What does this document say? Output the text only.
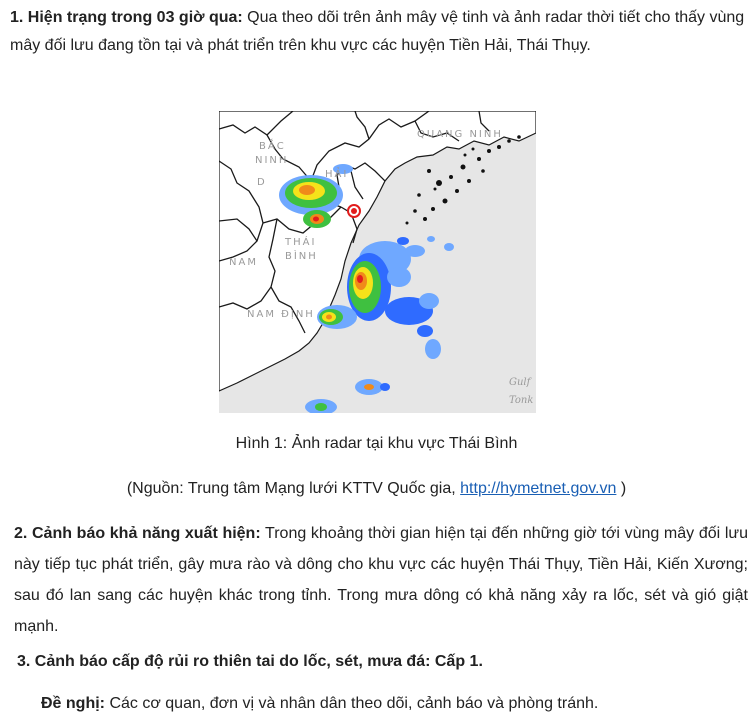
1. Hiện trạng trong 03 giờ qua: Qua theo dõi trên ảnh mây vệ tinh và ảnh radar thời tiết cho thấy vùng mây đối lưu đang tồn tại và phát triển trên khu vực các huyện Tiền Hải, Thái Thụy.

BẮC
NINH
QUANG NINH
THÁI
BÌNH
NAM
NAM ĐỊNH
D
HẢI
Gulf
Tonk
Hình 1: Ảnh radar tại khu vực Thái Bình
(Nguồn: Trung tâm Mạng lưới KTTV Quốc gia, http://hymetnet.gov.vn )

2. Cảnh báo khả năng xuất hiện: Trong khoảng thời gian hiện tại đến những giờ tới vùng mây đối lưu này tiếp tục phát triển, gây mưa rào và dông cho khu vực các huyện Thái Thụy, Tiền Hải, Kiến Xương; sau đó lan sang các huyện khác trong tỉnh. Trong mưa dông có khả năng xảy ra lốc, sét và gió giật mạnh.

3. Cảnh báo cấp độ rủi ro thiên tai do lốc, sét, mưa đá: Cấp 1.

Đề nghị: Các cơ quan, đơn vị và nhân dân theo dõi, cảnh báo và phòng tránh.
